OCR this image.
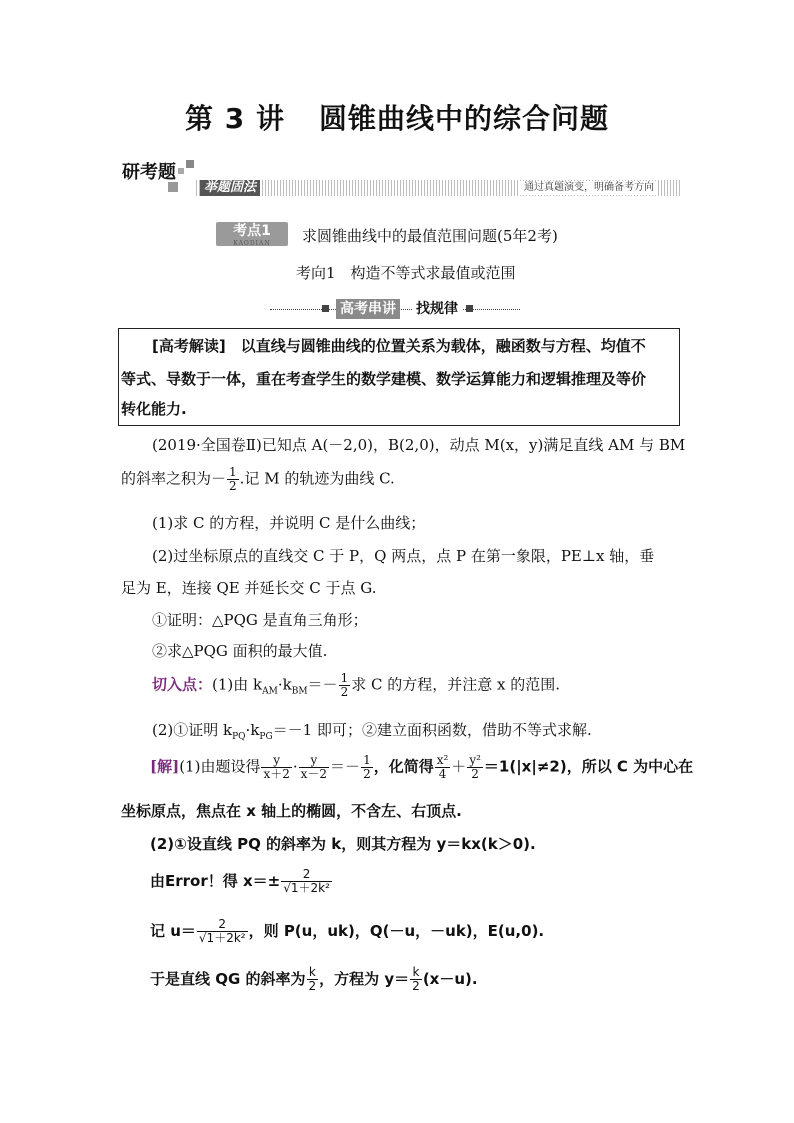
第 3 讲 圆锥曲线中的综合问题
研考题
举题固法	通过真题演变，明确备考方向
考点1
KAODIAN	求圆锥曲线中的最值范围问题(5年2考)
考向1　构造不等式求最值或范围
高考串讲 找规律
[高考解读]　以直线与圆锥曲线的位置关系为载体，融函数与方程、均值不
等式、导数于一体，重在考查学生的数学建模、数学运算能力和逻辑推理及等价
转化能力.
(2019·全国卷Ⅱ)已知点 A(－2,0)，B(2,0)，动点 M(x，y)满足直线 AM 与 BM
的斜率之积为－ $\frac{1}{2}$ .记 M 的轨迹为曲线 C.
(1)求 C 的方程，并说明 C 是什么曲线；
(2)过坐标原点的直线交 C 于 P，Q 两点，点 P 在第一象限，PE⊥x 轴，垂
足为 E，连接 QE 并延长交 C 于点 G.
①证明：△PQG 是直角三角形；
②求△PQG 面积的最大值.
切入点：(1)由 $k_{AM}\cdot k_{BM}=- \frac{1}{2}$ 求 C 的方程，并注意 x 的范围.
(2)①证明 $k_{PQ}\cdot k_{PG}=-1$ 即可；②建立面积函数，借助不等式求解.
[解](1)由题设得 $\frac{y}{x+2} \cdot \frac{y}{x-2} =- \frac{1}{2}$ ，化简得 $\frac{\text{x²}}{4} + \frac{\text{y²}}{2} =1(|x|\ne 2)$，所以 C 为中心在
坐标原点，焦点在 x 轴上的椭圆，不含左、右顶点.
(2)①设直线 PQ 的斜率为 k，则其方程为 y＝kx(k＞0).
由Error！得 $x=\pm \frac{2}{\text{√1＋2k²}}$
记 $u= \frac{2}{\text{√1＋2k²}}$ ，则 P(u，uk)，Q(－u，－uk)，E(u,0).
于是直线 QG 的斜率为 $\frac{k}{2}$ ，方程为 $y= \frac{k}{2} (x-u)$.
